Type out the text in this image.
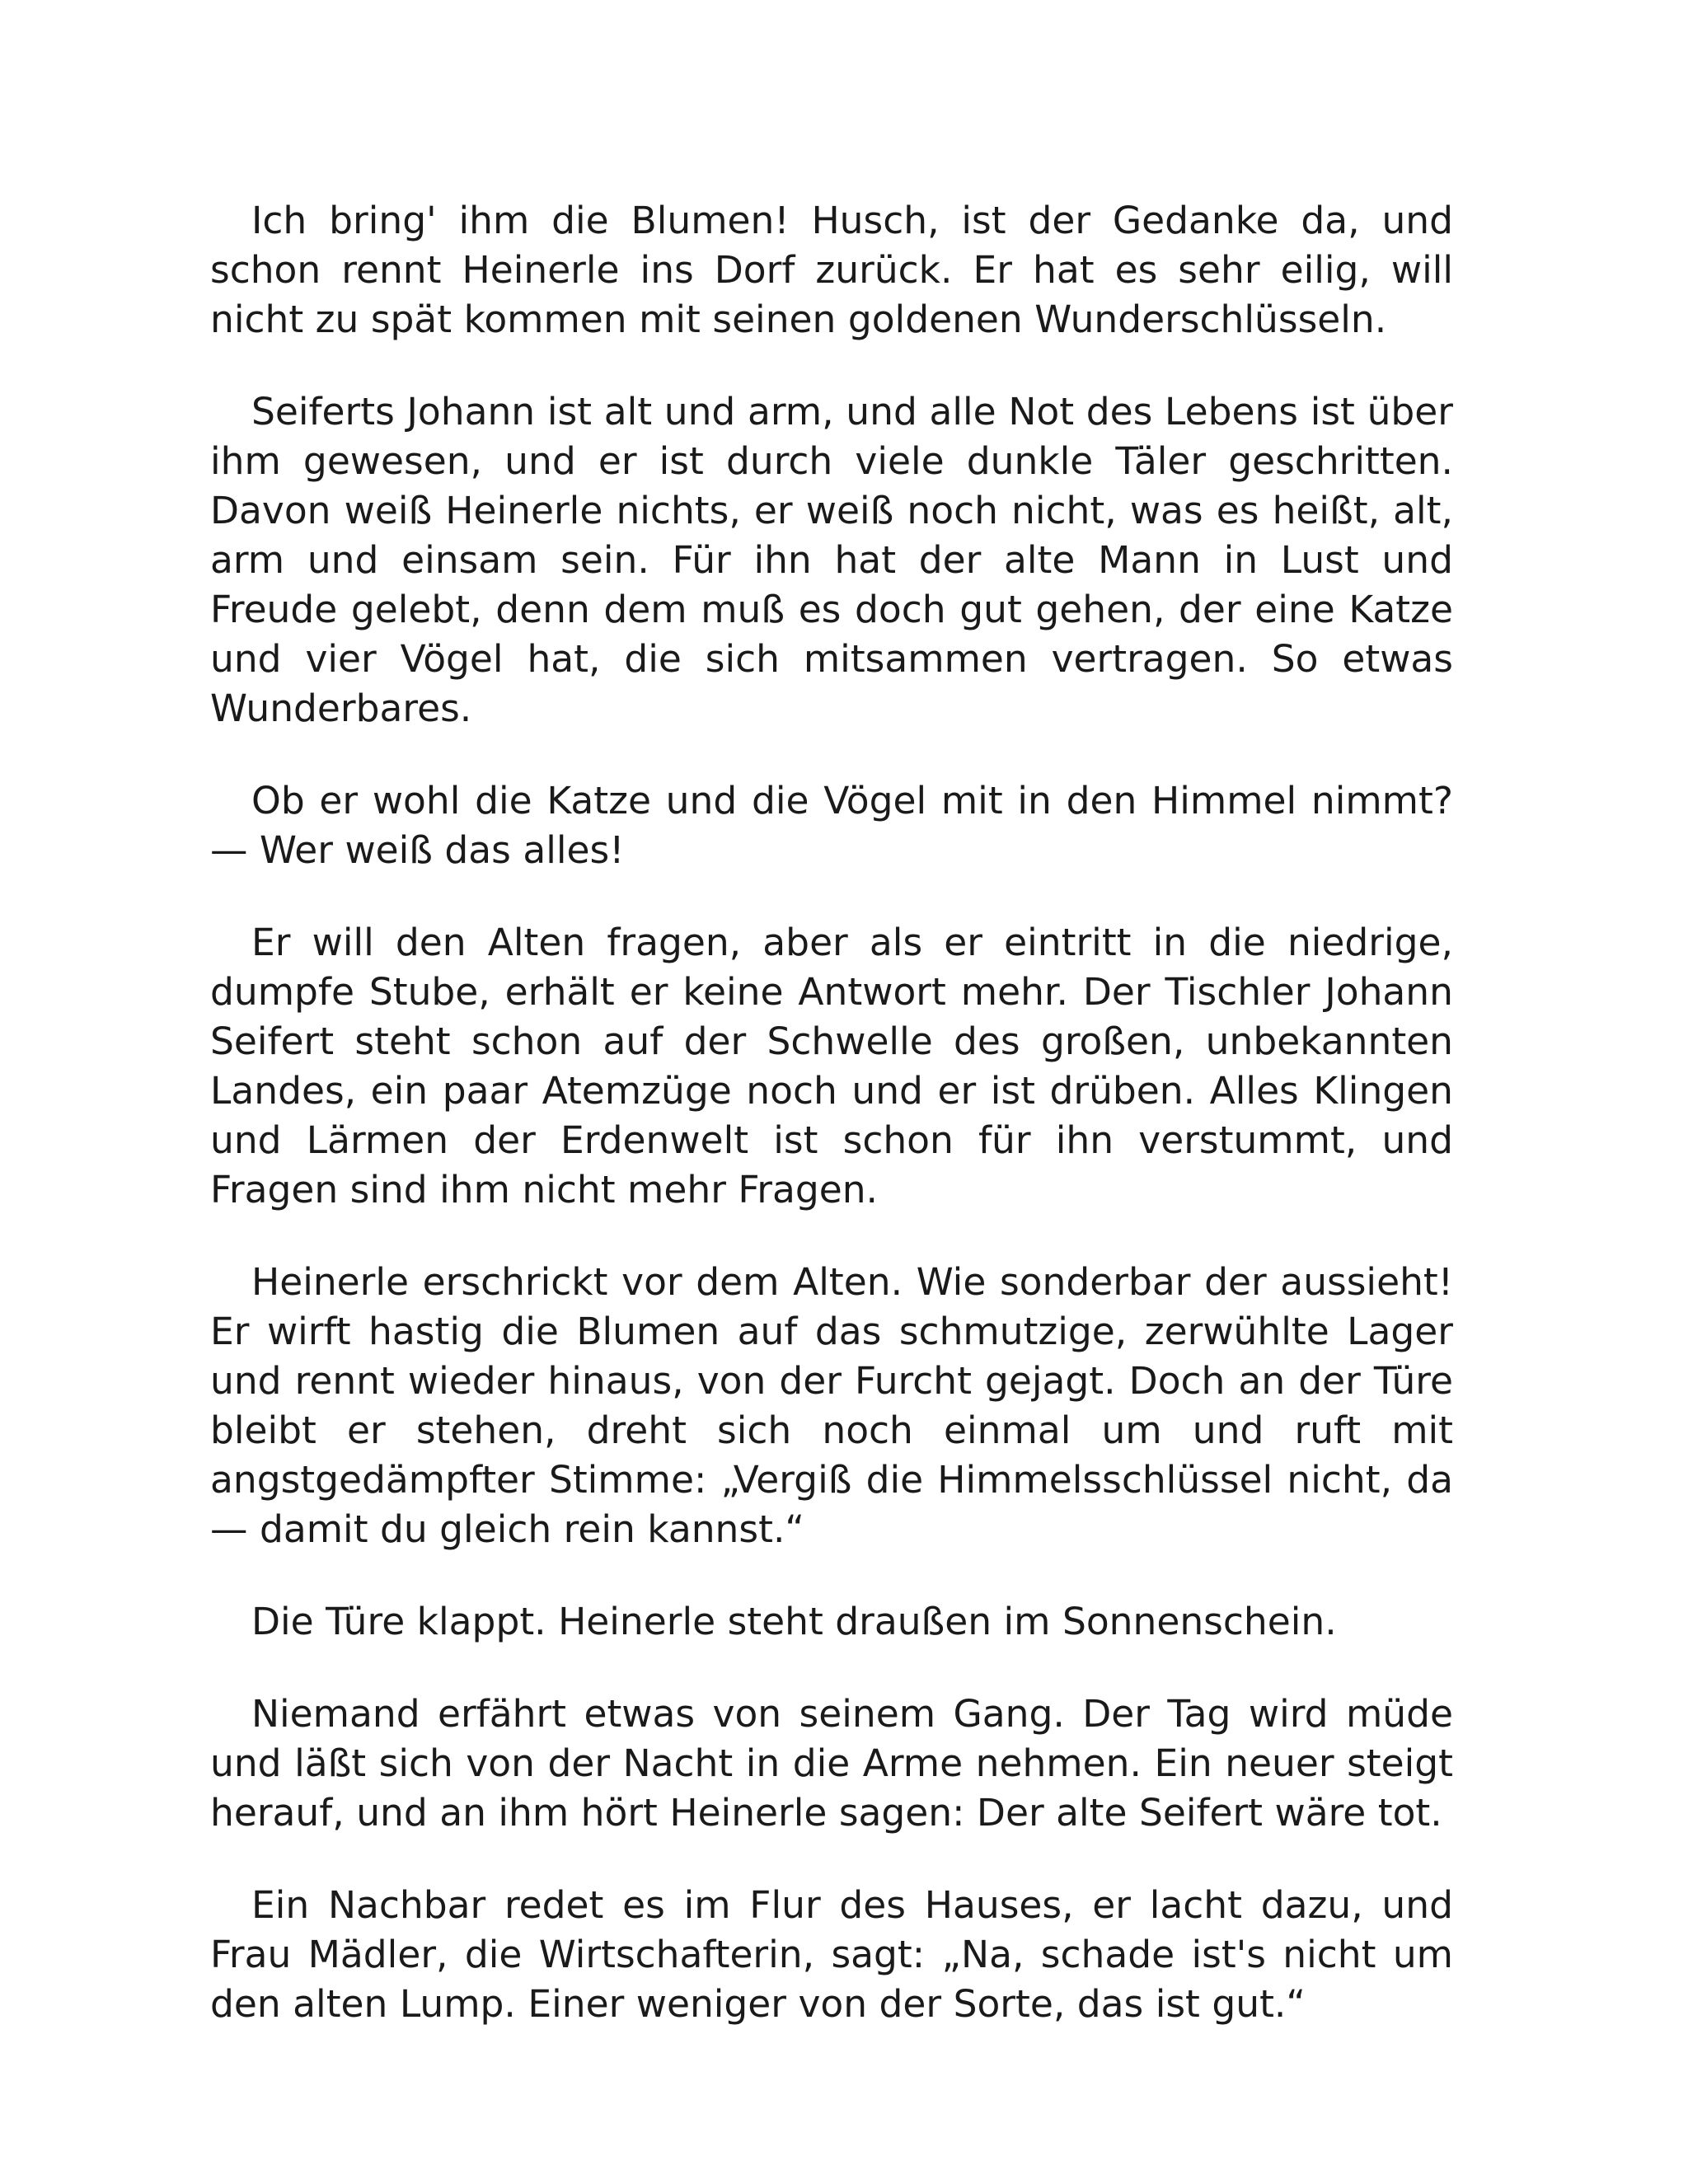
Ich bring' ihm die Blumen! Husch, ist der Gedanke da, und schon rennt Heinerle ins Dorf zurück. Er hat es sehr eilig, will nicht zu spät kommen mit seinen goldenen Wunderschlüsseln.

Seiferts Johann ist alt und arm, und alle Not des Lebens ist über ihm gewesen, und er ist durch viele dunkle Täler geschritten. Davon weiß Heinerle nichts, er weiß noch nicht, was es heißt, alt, arm und einsam sein. Für ihn hat der alte Mann in Lust und Freude gelebt, denn dem muß es doch gut gehen, der eine Katze und vier Vögel hat, die sich mitsammen vertragen. So etwas Wunderbares.

Ob er wohl die Katze und die Vögel mit in den Himmel nimmt? — Wer weiß das alles!

Er will den Alten fragen, aber als er eintritt in die niedrige, dumpfe Stube, erhält er keine Antwort mehr. Der Tischler Johann Seifert steht schon auf der Schwelle des großen, unbekannten Landes, ein paar Atemzüge noch und er ist drüben. Alles Klingen und Lärmen der Erdenwelt ist schon für ihn verstummt, und Fragen sind ihm nicht mehr Fragen.

Heinerle erschrickt vor dem Alten. Wie sonderbar der aussieht! Er wirft hastig die Blumen auf das schmutzige, zerwühlte Lager und rennt wieder hinaus, von der Furcht gejagt. Doch an der Türe bleibt er stehen, dreht sich noch einmal um und ruft mit angstgedämpfter Stimme: „Vergiß die Himmelsschlüssel nicht, da — damit du gleich rein kannst.“

Die Türe klappt. Heinerle steht draußen im Sonnenschein.

Niemand erfährt etwas von seinem Gang. Der Tag wird müde und läßt sich von der Nacht in die Arme nehmen. Ein neuer steigt herauf, und an ihm hört Heinerle sagen: Der alte Seifert wäre tot.

Ein Nachbar redet es im Flur des Hauses, er lacht dazu, und Frau Mädler, die Wirtschafterin, sagt: „Na, schade ist's nicht um den alten Lump. Einer weniger von der Sorte, das ist gut.“
